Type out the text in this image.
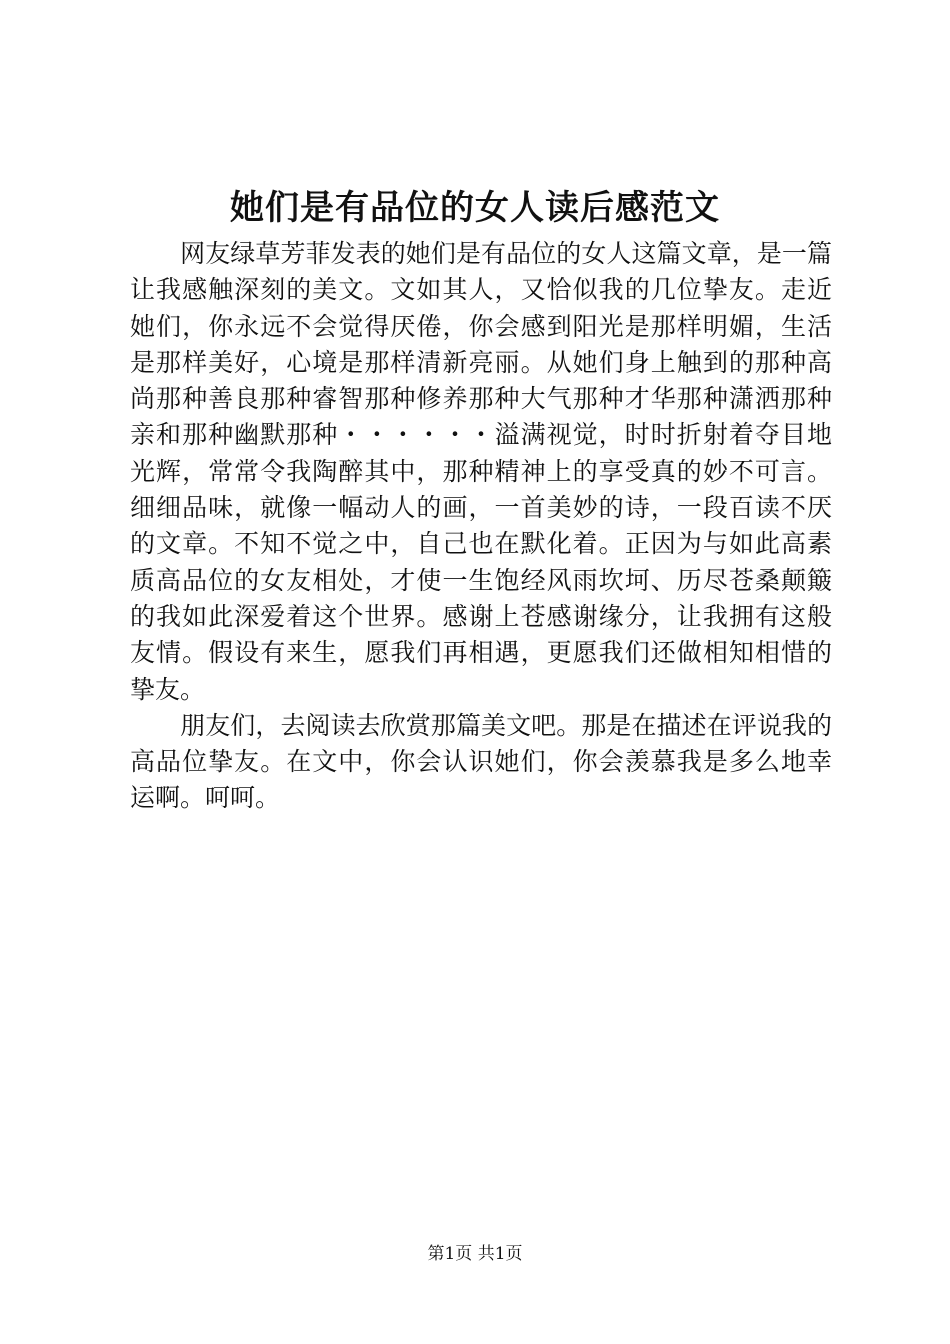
她们是有品位的女人读后感范文
　　网友绿草芳菲发表的她们是有品位的女人这篇文章，是一篇
让我感触深刻的美文。文如其人，又恰似我的几位挚友。走近
她们，你永远不会觉得厌倦，你会感到阳光是那样明媚，生活
是那样美好，心境是那样清新亮丽。从她们身上触到的那种高
尚那种善良那种睿智那种修养那种大气那种才华那种潇洒那种
亲和那种幽默那种・・・・・・溢满视觉，时时折射着夺目地
光辉，常常令我陶醉其中，那种精神上的享受真的妙不可言。
细细品味，就像一幅动人的画，一首美妙的诗，一段百读不厌
的文章。不知不觉之中，自己也在默化着。正因为与如此高素
质高品位的女友相处，才使一生饱经风雨坎坷、历尽苍桑颠簸
的我如此深爱着这个世界。感谢上苍感谢缘分，让我拥有这般
友情。假设有来生，愿我们再相遇，更愿我们还做相知相惜的
挚友。
　　朋友们，去阅读去欣赏那篇美文吧。那是在描述在评说我的
高品位挚友。在文中，你会认识她们，你会羡慕我是多么地幸
运啊。呵呵。
第1页 共1页
